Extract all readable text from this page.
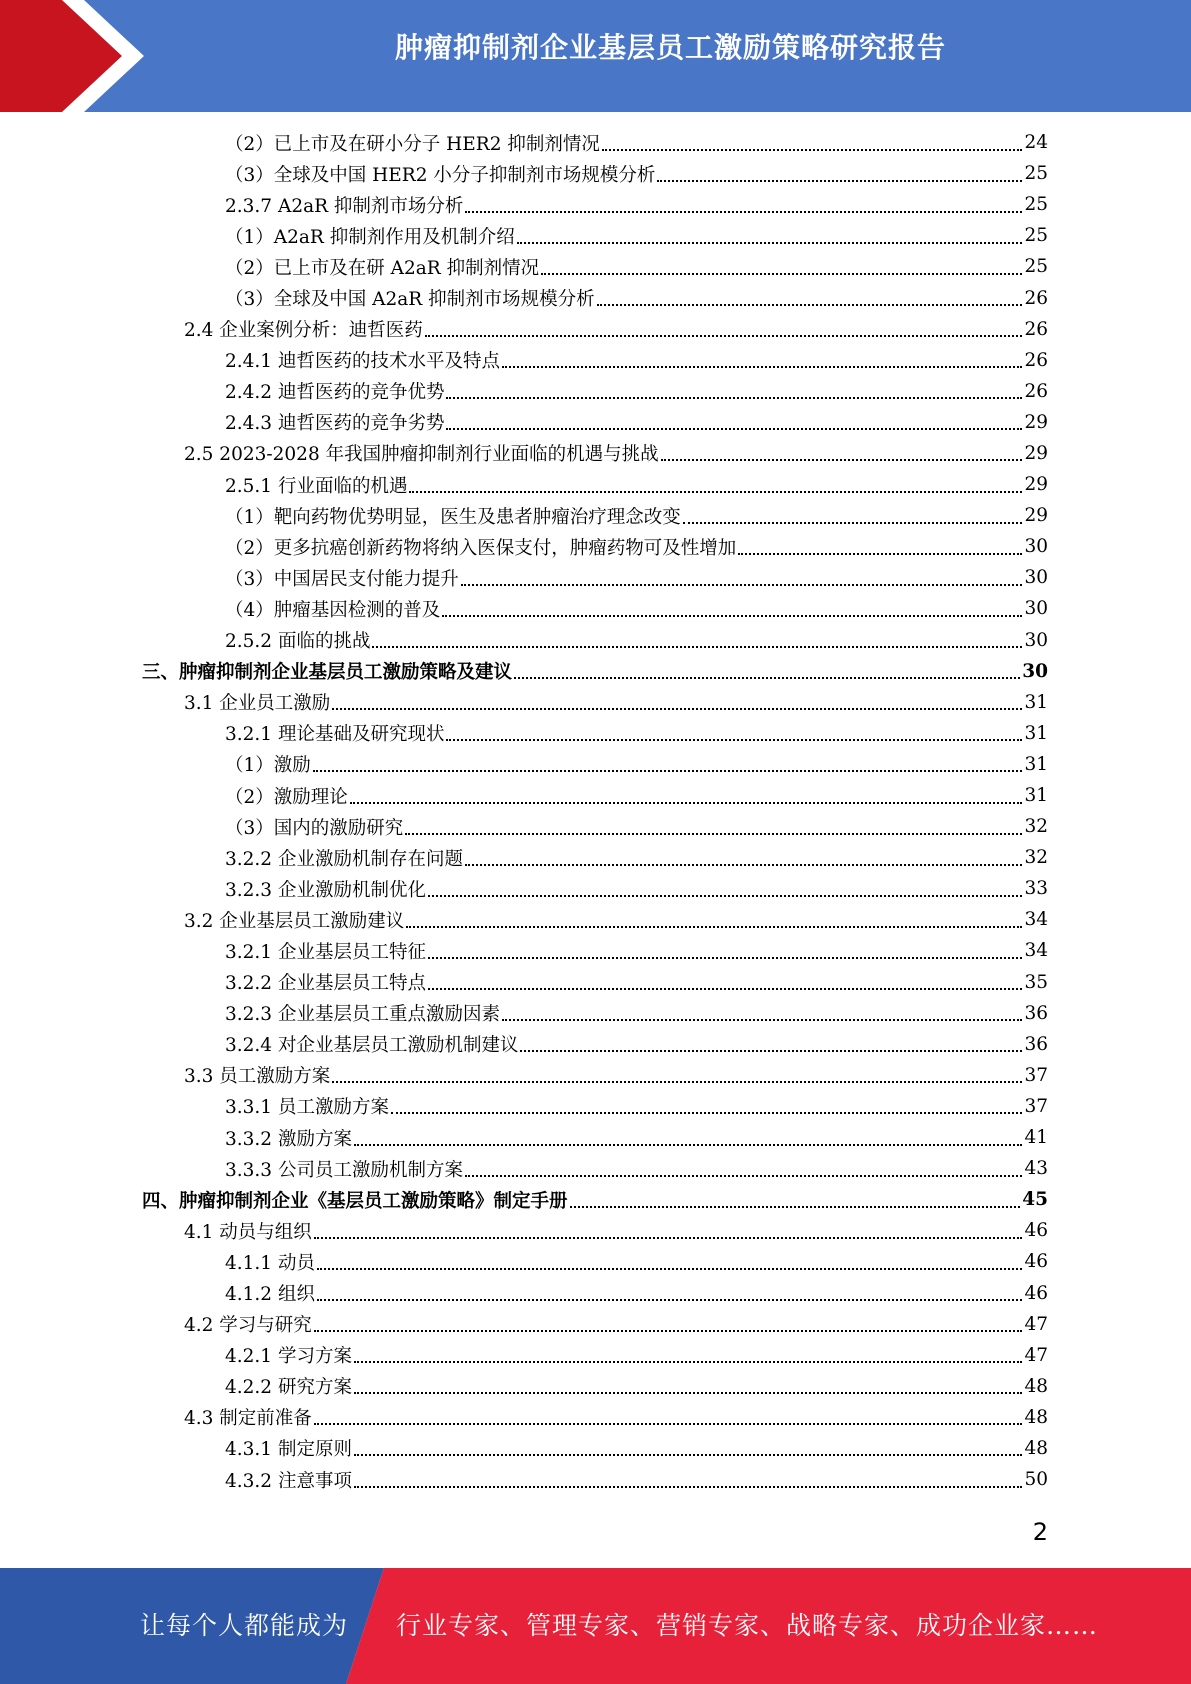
肿瘤抑制剂企业基层员工激励策略研究报告
（2）已上市及在研小分子 HER2 抑制剂情况	24
（3）全球及中国 HER2 小分子抑制剂市场规模分析	25
2.3.7 A2aR 抑制剂市场分析	25
（1）A2aR 抑制剂作用及机制介绍	25
（2）已上市及在研 A2aR 抑制剂情况	25
（3）全球及中国 A2aR 抑制剂市场规模分析	26
2.4 企业案例分析：迪哲医药	26
2.4.1 迪哲医药的技术水平及特点	26
2.4.2 迪哲医药的竞争优势	26
2.4.3 迪哲医药的竞争劣势	29
2.5 2023-2028 年我国肿瘤抑制剂行业面临的机遇与挑战	29
2.5.1 行业面临的机遇	29
（1）靶向药物优势明显，医生及患者肿瘤治疗理念改变	29
（2）更多抗癌创新药物将纳入医保支付，肿瘤药物可及性增加	30
（3）中国居民支付能力提升	30
（4）肿瘤基因检测的普及	30
2.5.2 面临的挑战	30
三、肿瘤抑制剂企业基层员工激励策略及建议	30
3.1 企业员工激励	31
3.2.1 理论基础及研究现状	31
（1）激励	31
（2）激励理论	31
（3）国内的激励研究	32
3.2.2 企业激励机制存在问题	32
3.2.3 企业激励机制优化	33
3.2 企业基层员工激励建议	34
3.2.1 企业基层员工特征	34
3.2.2 企业基层员工特点	35
3.2.3 企业基层员工重点激励因素	36
3.2.4 对企业基层员工激励机制建议	36
3.3 员工激励方案	37
3.3.1 员工激励方案	37
3.3.2 激励方案	41
3.3.3 公司员工激励机制方案	43
四、肿瘤抑制剂企业《基层员工激励策略》制定手册	45
4.1 动员与组织	46
4.1.1 动员	46
4.1.2 组织	46
4.2 学习与研究	47
4.2.1 学习方案	47
4.2.2 研究方案	48
4.3 制定前准备	48
4.3.1 制定原则	48
4.3.2 注意事项	50
2
让每个人都能成为 行业专家、管理专家、营销专家、战略专家、成功企业家……
